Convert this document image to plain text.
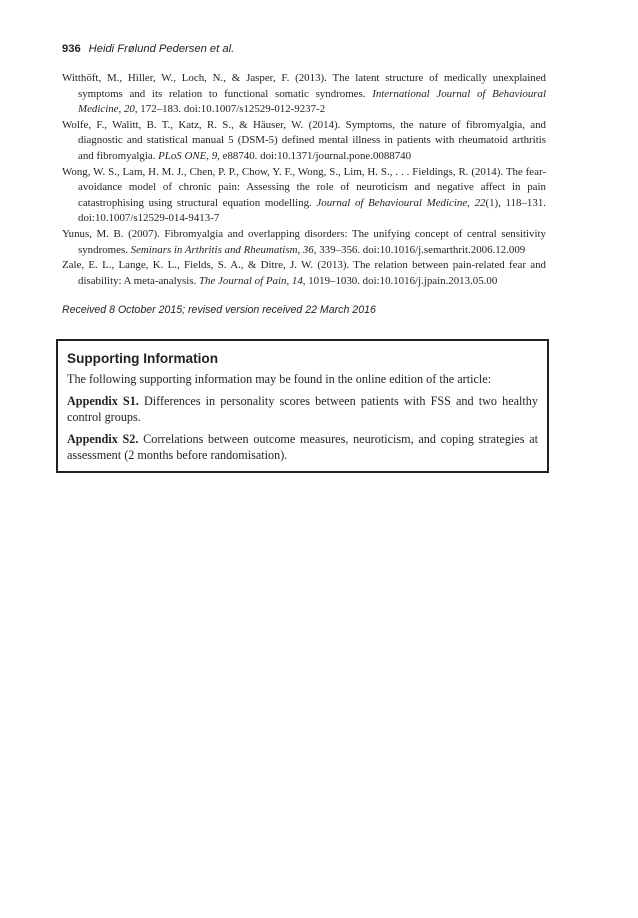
936 Heidi Frølund Pedersen et al.

Witthöft, M., Hiller, W., Loch, N., & Jasper, F. (2013). The latent structure of medically unexplained symptoms and its relation to functional somatic syndromes. International Journal of Behavioural Medicine, 20, 172–183. doi:10.1007/s12529-012-9237-2

Wolfe, F., Walitt, B. T., Katz, R. S., & Häuser, W. (2014). Symptoms, the nature of fibromyalgia, and diagnostic and statistical manual 5 (DSM-5) defined mental illness in patients with rheumatoid arthritis and fibromyalgia. PLoS ONE, 9, e88740. doi:10.1371/journal.pone.0088740

Wong, W. S., Lam, H. M. J., Chen, P. P., Chow, Y. F., Wong, S., Lim, H. S., . . . Fieldings, R. (2014). The fear-avoidance model of chronic pain: Assessing the role of neuroticism and negative affect in pain catastrophising using structural equation modelling. Journal of Behavioural Medicine, 22(1), 118–131. doi:10.1007/s12529-014-9413-7

Yunus, M. B. (2007). Fibromyalgia and overlapping disorders: The unifying concept of central sensitivity syndromes. Seminars in Arthritis and Rheumatism, 36, 339–356. doi:10.1016/j.semarthrit.2006.12.009

Zale, E. L., Lange, K. L., Fields, S. A., & Ditre, J. W. (2013). The relation between pain-related fear and disability: A meta-analysis. The Journal of Pain, 14, 1019–1030. doi:10.1016/j.jpain.2013.05.00

Received 8 October 2015; revised version received 22 March 2016
Supporting Information

The following supporting information may be found in the online edition of the article:

Appendix S1. Differences in personality scores between patients with FSS and two healthy control groups.

Appendix S2. Correlations between outcome measures, neuroticism, and coping strategies at assessment (2 months before randomisation).
